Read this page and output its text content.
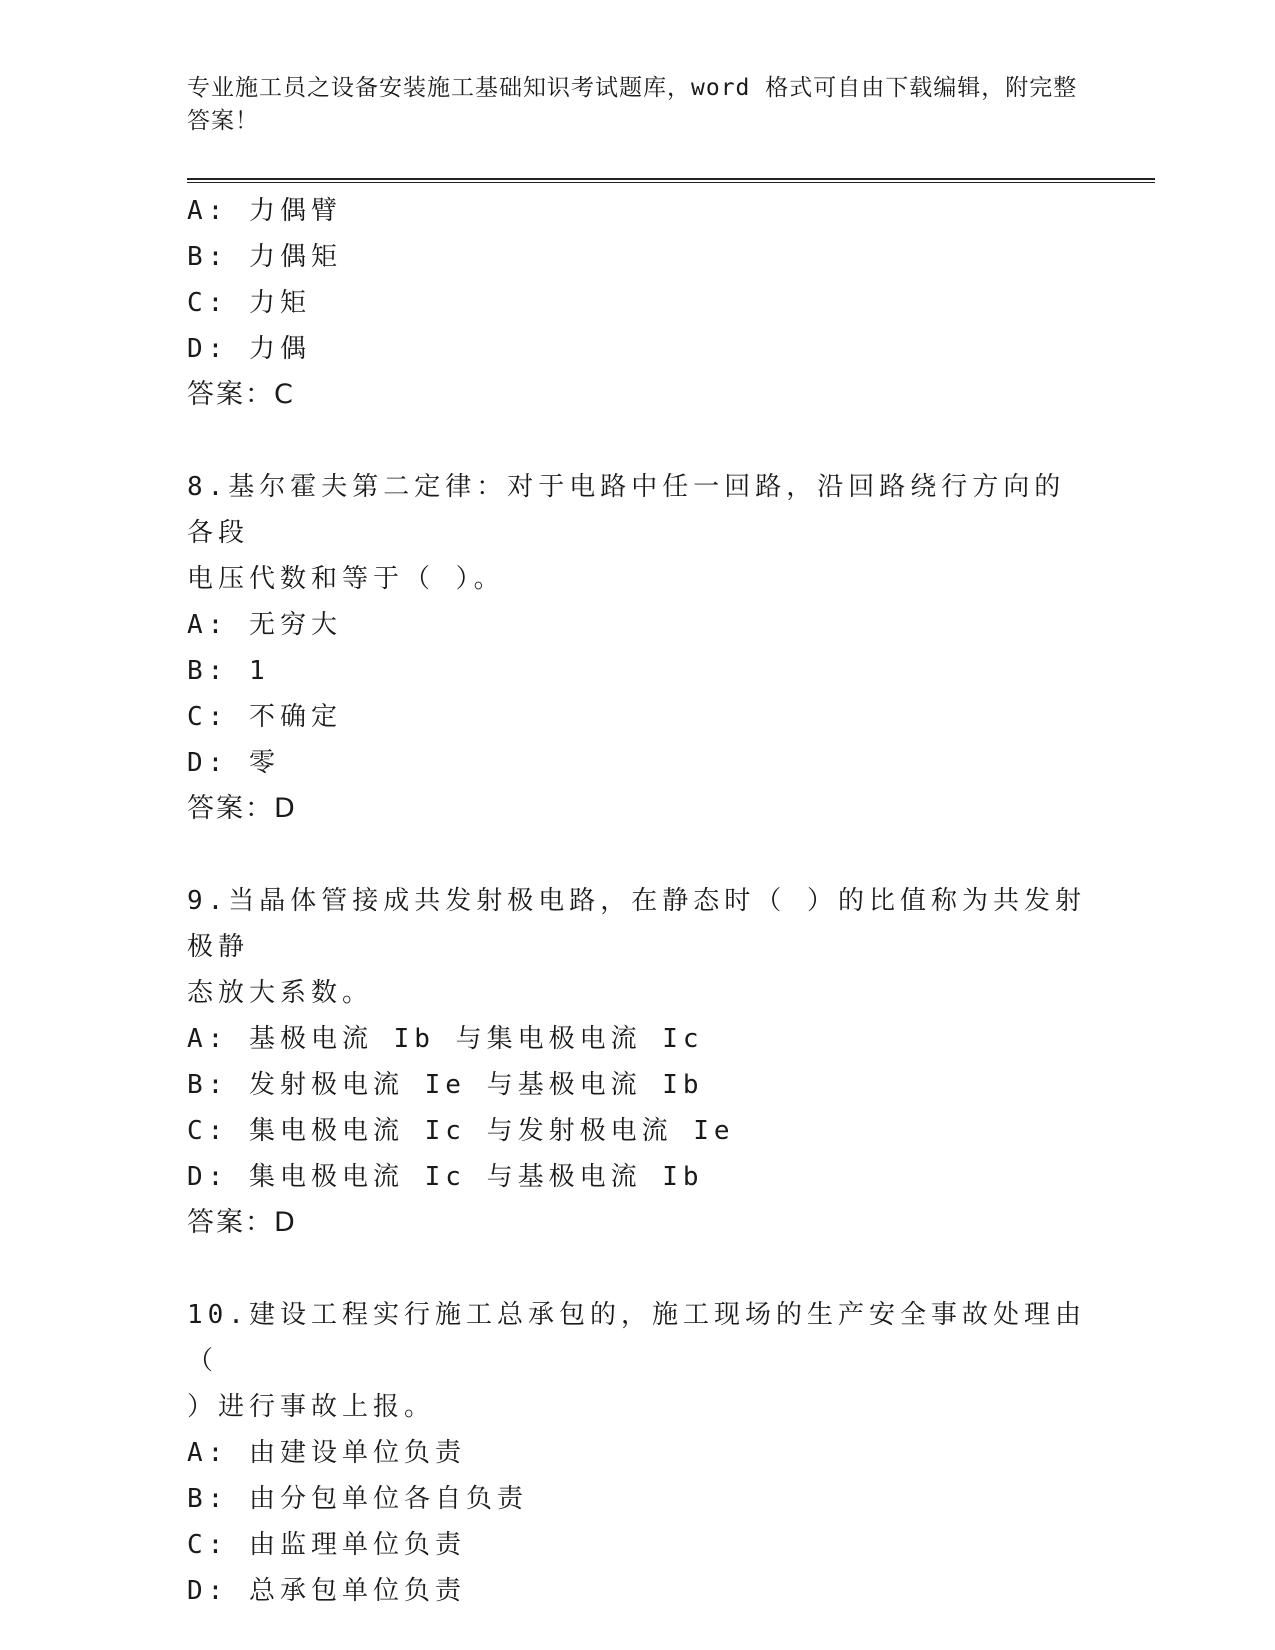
专业施工员之设备安装施工基础知识考试题库，word 格式可自由下载编辑，附完整答案！
A: 力偶臂
B: 力偶矩
C: 力矩
D: 力偶
答案：C
8.基尔霍夫第二定律：对于电路中任一回路，沿回路绕行方向的各段
电压代数和等于（ ）。
A: 无穷大
B: 1
C: 不确定
D: 零
答案：D
9.当晶体管接成共发射极电路，在静态时（ ）的比值称为共发射极静
态放大系数。
A: 基极电流 Ib 与集电极电流 Ic
B: 发射极电流 Ie 与基极电流 Ib
C: 集电极电流 Ic 与发射极电流 Ie
D: 集电极电流 Ic 与基极电流 Ib
答案：D
10.建设工程实行施工总承包的，施工现场的生产安全事故处理由（
）进行事故上报。
A: 由建设单位负责
B: 由分包单位各自负责
C: 由监理单位负责
D: 总承包单位负责
